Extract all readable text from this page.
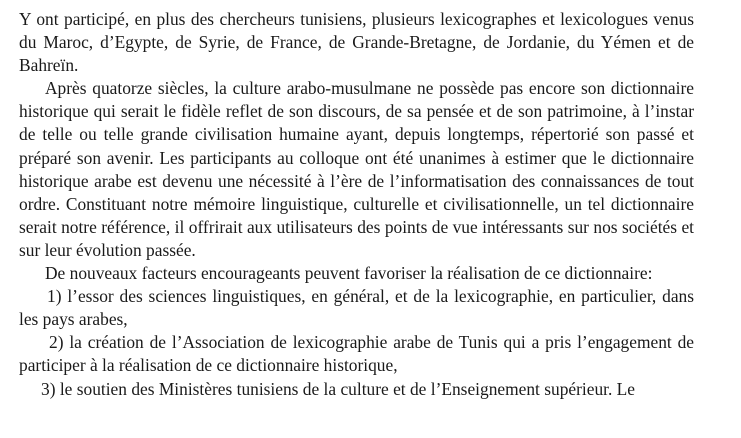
Y ont participé, en plus des chercheurs tunisiens, plusieurs lexicographes et lexicologues venus du Maroc, d’Egypte, de Syrie, de France, de Grande-Bretagne, de Jordanie, du Yémen et de Bahreïn.

Après quatorze siècles, la culture arabo-musulmane ne possède pas encore son dictionnaire historique qui serait le fidèle reflet de son discours, de sa pensée et de son patrimoine, à l’instar de telle ou telle grande civilisation humaine ayant, depuis longtemps, répertorié son passé et préparé son avenir. Les participants au colloque ont été unanimes à estimer que le dictionnaire historique arabe est devenu une nécessité à l’ère de l’informatisation des connaissances de tout ordre. Constituant notre mémoire linguistique, culturelle et civilisationnelle, un tel dictionnaire serait notre référence, il offrirait aux utilisateurs des points de vue intéressants sur nos sociétés et sur leur évolution passée.

De nouveaux facteurs encourageants peuvent favoriser la réalisation de ce dictionnaire:

1) l’essor des sciences linguistiques, en général, et de la lexicographie, en particulier, dans les pays arabes,

2) la création de l’Association de lexicographie arabe de Tunis qui a pris l’engagement de participer à la réalisation de ce dictionnaire historique,

3) le soutien des Ministères tunisiens de la culture et de l’Enseignement supérieur. Le
